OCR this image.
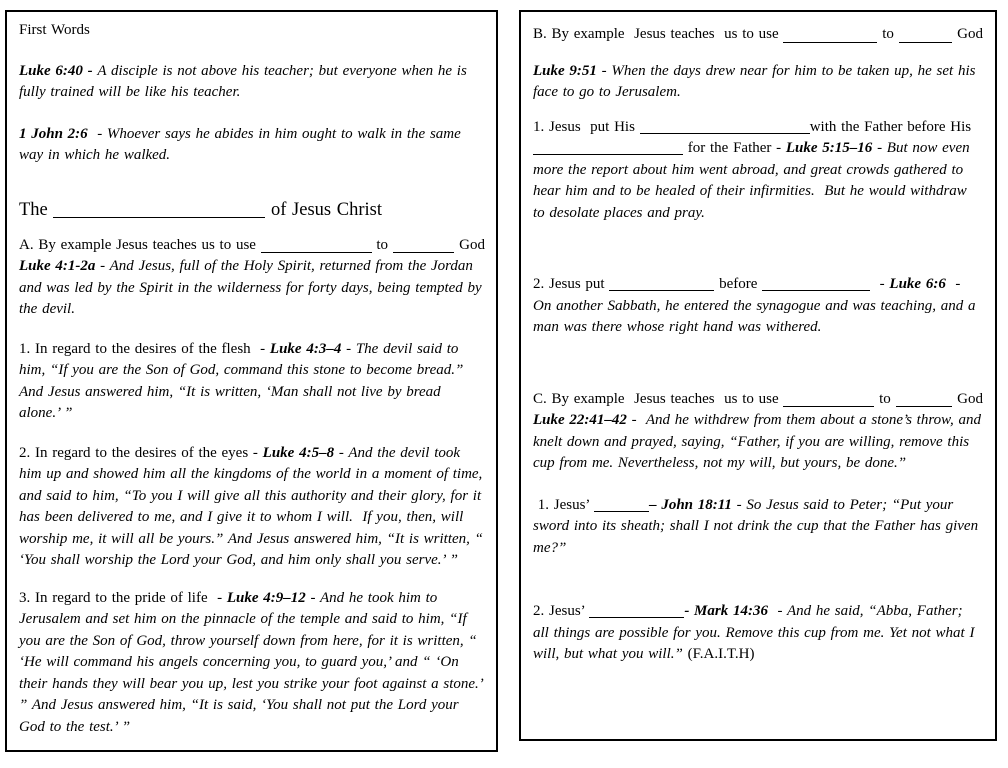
First Words
Luke 6:40 - A disciple is not above his teacher; but everyone when he is fully trained will be like his teacher.
1 John 2:6  - Whoever says he abides in him ought to walk in the same way in which he walked.
The	of Jesus Christ
A. By example Jesus teaches us to use	to	God
Luke 4:1-2a - And Jesus, full of the Holy Spirit, returned from the Jordan and was led by the Spirit in the wilderness for forty days, being tempted by the devil.
1. In regard to the desires of the flesh  - Luke 4:3–4 - The devil said to him, “If you are the Son of God, command this stone to become bread.”  And Jesus answered him, “It is written, ‘Man shall not live by bread alone.’ ”
2. In regard to the desires of the eyes - Luke 4:5–8 - And the devil took him up and showed him all the kingdoms of the world in a moment of time, and said to him, “To you I will give all this authority and their glory, for it has been delivered to me, and I give it to whom I will.  If you, then, will worship me, it will all be yours.” And Jesus answered him, “It is written, “ ‘You shall worship the Lord your God, and him only shall you serve.’ ”
3. In regard to the pride of life  - Luke 4:9–12 - And he took him to Jerusalem and set him on the pinnacle of the temple and said to him, “If you are the Son of God, throw yourself down from here, for it is written, “ ‘He will command his angels concerning you, to guard you,’ and “ ‘On their hands they will bear you up, lest you strike your foot against a stone.’ ” And Jesus answered him, “It is said, ‘You shall not put the Lord your God to the test.’ ”
B. By example  Jesus teaches  us to use	to	God
Luke 9:51 - When the days drew near for him to be taken up, he set his face to go to Jerusalem.
1. Jesus  put His	with the Father before His
for the Father - Luke 5:15–16 - But now even more the report about him went abroad, and great crowds gathered to hear him and to be healed of their infirmities.  But he would withdraw to desolate places and pray.
2. Jesus put	before	- Luke 6:6  - On another Sabbath, he entered the synagogue and was teaching, and a man was there whose right hand was withered.
C. By example  Jesus teaches  us to use	to	God
Luke 22:41–42 -  And he withdrew from them about a stone’s throw, and knelt down and prayed, saying, “Father, if you are willing, remove this cup from me. Nevertheless, not my will, but yours, be done.”
1. Jesus’	– John 18:11 - So Jesus said to Peter; “Put your sword into its sheath; shall I not drink the cup that the Father has given me?”
2. Jesus’	- Mark 14:36  - And he said, “Abba, Father; all things are possible for you. Remove this cup from me. Yet not what I will, but what you will.” (F.A.I.T.H)
